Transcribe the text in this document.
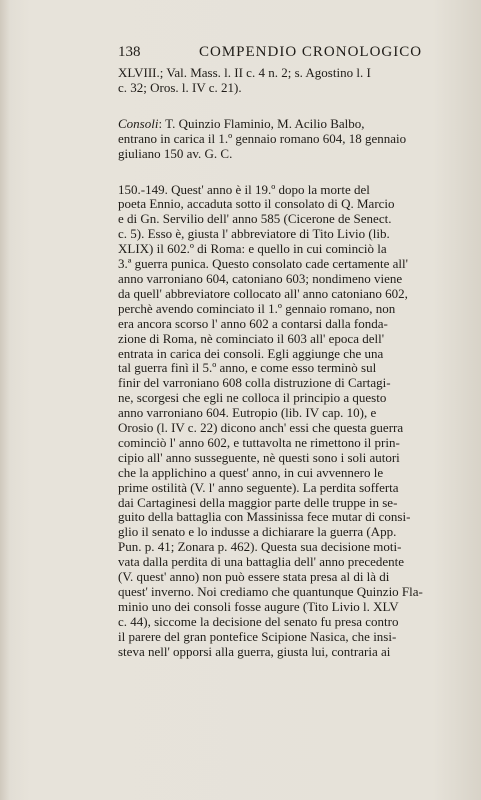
138	COMPENDIO CRONOLOGICO
XLVIII.; Val. Mass. l. II c. 4 n. 2; s. Agostino l. I
c. 32; Oros. l. IV c. 21).
Consoli: T. Quinzio Flaminio, M. Acilio Balbo,
entrano in carica il 1.º gennaio romano 604, 18 gennaio
giuliano 150 av. G. C.
150.-149. Quest' anno è il 19.º dopo la morte del
poeta Ennio, accaduta sotto il consolato di Q. Marcio
e di Gn. Servilio dell' anno 585 (Cicerone de Senect.
c. 5). Esso è, giusta l' abbreviatore di Tito Livio (lib.
XLIX) il 602.º di Roma: e quello in cui cominciò la
3.ª guerra punica. Questo consolato cade certamente all'
anno varroniano 604, catoniano 603; nondimeno viene
da quell' abbreviatore collocato all' anno catoniano 602,
perchè avendo cominciato il 1.º gennaio romano, non
era ancora scorso l' anno 602 a contarsi dalla fonda-
zione di Roma, nè cominciato il 603 all' epoca dell'
entrata in carica dei consoli. Egli aggiunge che una
tal guerra finì il 5.º anno, e come esso terminò sul
finir del varroniano 608 colla distruzione di Cartagi-
ne, scorgesi che egli ne colloca il principio a questo
anno varroniano 604. Eutropio (lib. IV cap. 10), e
Orosio (l. IV c. 22) dicono anch' essi che questa guerra
cominciò l' anno 602, e tuttavolta ne rimettono il prin-
cipio all' anno susseguente, nè questi sono i soli autori
che la applichino a quest' anno, in cui avvennero le
prime ostilità (V. l' anno seguente). La perdita sofferta
dai Cartaginesi della maggior parte delle truppe in se-
guito della battaglia con Massinissa fece mutar di consi-
glio il senato e lo indusse a dichiarare la guerra (App.
Pun. p. 41; Zonara p. 462). Questa sua decisione moti-
vata dalla perdita di una battaglia dell' anno precedente
(V. quest' anno) non può essere stata presa al di là di
quest' inverno. Noi crediamo che quantunque Quinzio Fla-
minio uno dei consoli fosse augure (Tito Livio l. XLV
c. 44), siccome la decisione del senato fu presa contro
il parere del gran pontefice Scipione Nasica, che insi-
steva nell' opporsi alla guerra, giusta lui, contraria ai
